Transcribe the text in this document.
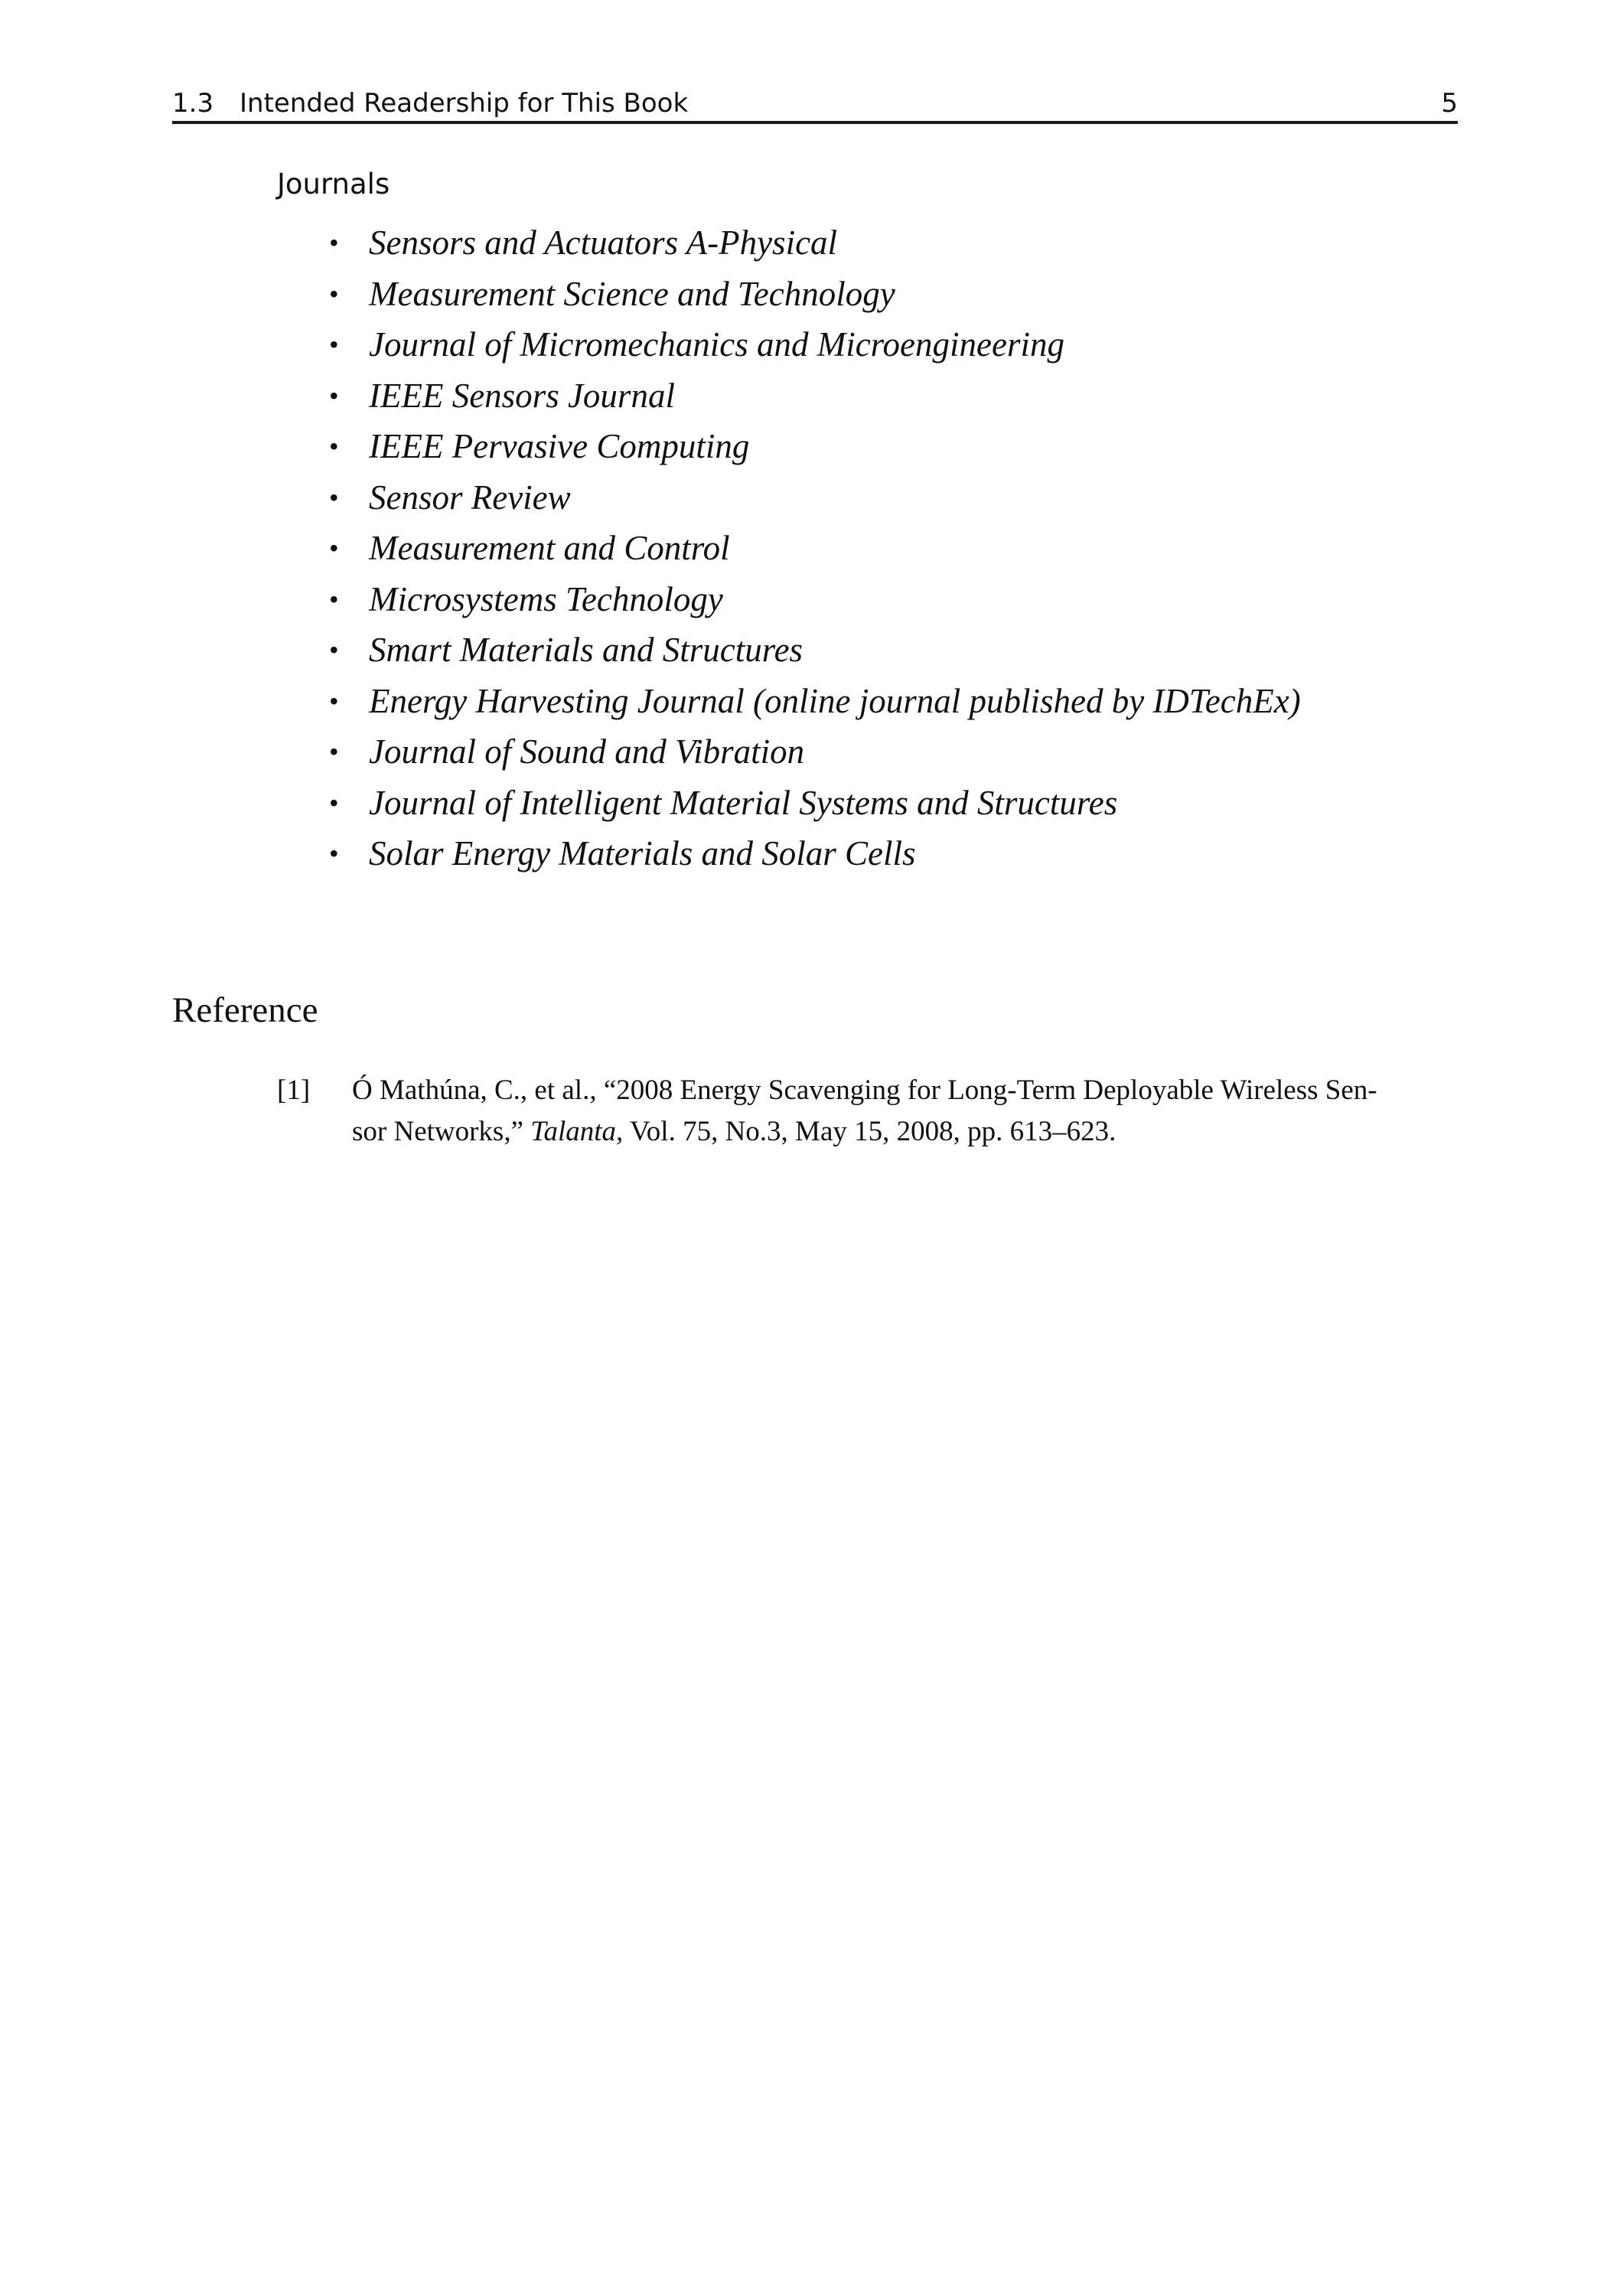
1.3 Intended Readership for This Book	5
Journals
• Sensors and Actuators A-Physical
• Measurement Science and Technology
• Journal of Micromechanics and Microengineering
• IEEE Sensors Journal
• IEEE Pervasive Computing
• Sensor Review
• Measurement and Control
• Microsystems Technology
• Smart Materials and Structures
• Energy Harvesting Journal (online journal published by IDTechEx)
• Journal of Sound and Vibration
• Journal of Intelligent Material Systems and Structures
• Solar Energy Materials and Solar Cells
Reference
[1] Ó Mathúna, C., et al., “2008 Energy Scavenging for Long-Term Deployable Wireless Sen-
sor Networks,” Talanta, Vol. 75, No.3, May 15, 2008, pp. 613–623.
